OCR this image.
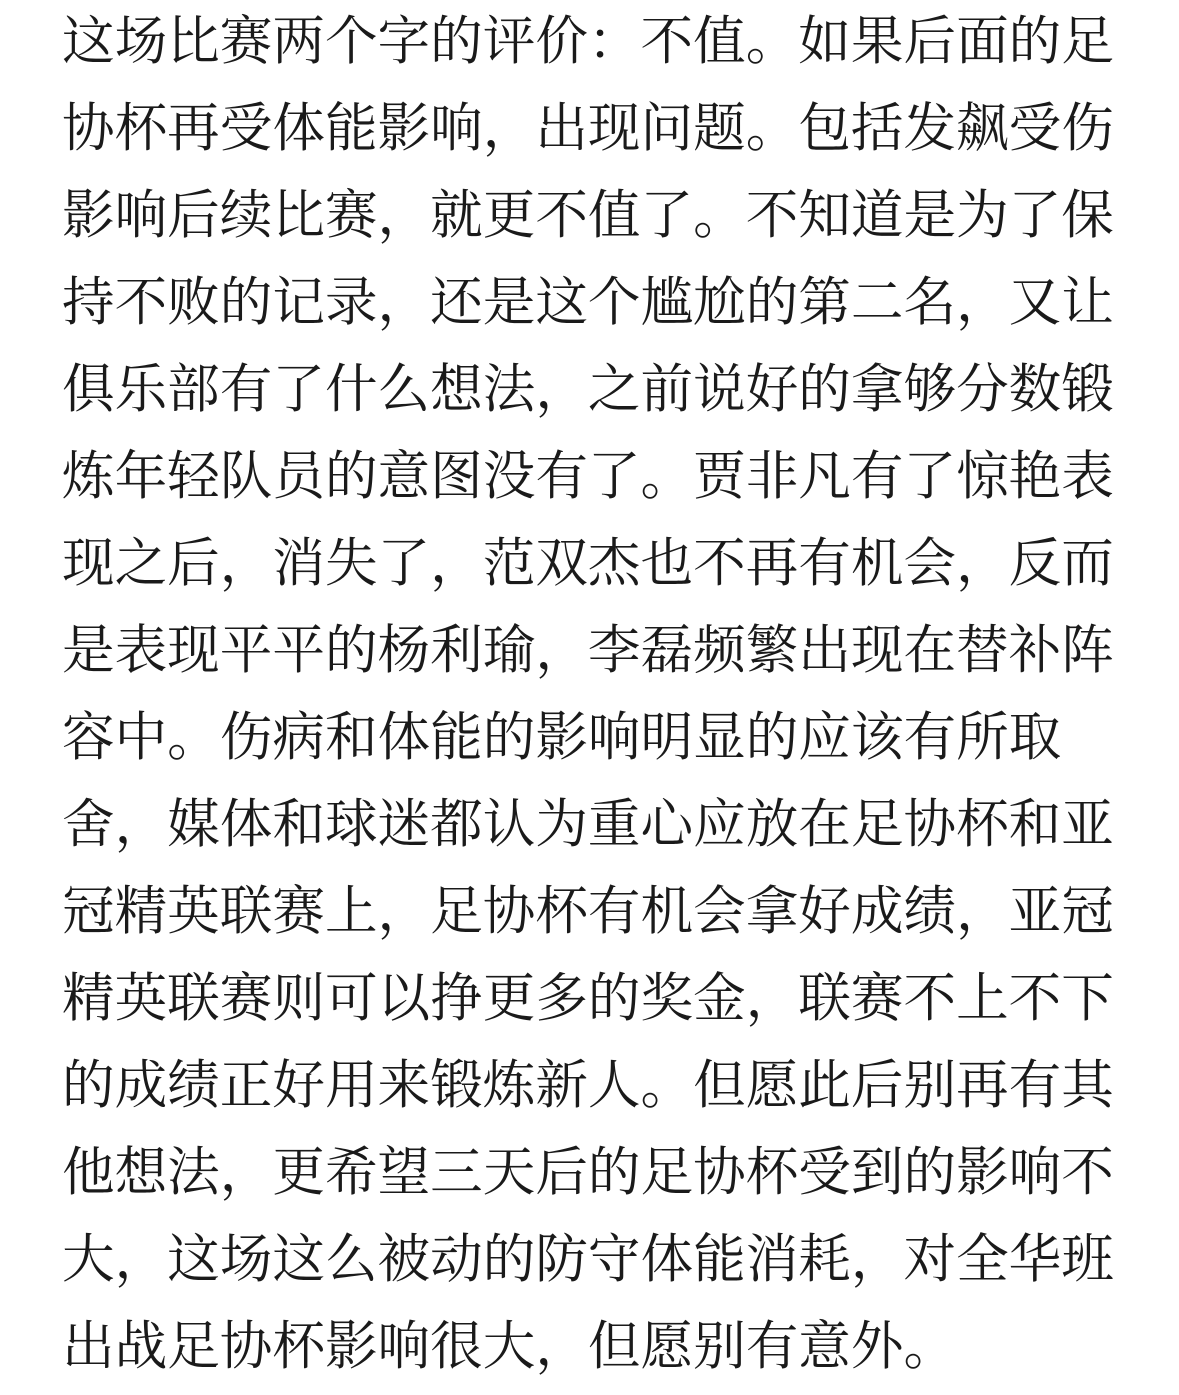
这场比赛两个字的评价：不值。如果后面的足
协杯再受体能影响，出现问题。包括发飙受伤
影响后续比赛，就更不值了。不知道是为了保
持不败的记录，还是这个尴尬的第二名，又让
俱乐部有了什么想法，之前说好的拿够分数锻
炼年轻队员的意图没有了。贾非凡有了惊艳表
现之后，消失了，范双杰也不再有机会，反而
是表现平平的杨利瑜，李磊频繁出现在替补阵
容中。伤病和体能的影响明显的应该有所取
舍，媒体和球迷都认为重心应放在足协杯和亚
冠精英联赛上，足协杯有机会拿好成绩，亚冠
精英联赛则可以挣更多的奖金，联赛不上不下
的成绩正好用来锻炼新人。但愿此后别再有其
他想法，更希望三天后的足协杯受到的影响不
大，这场这么被动的防守体能消耗，对全华班
出战足协杯影响很大，但愿别有意外。
